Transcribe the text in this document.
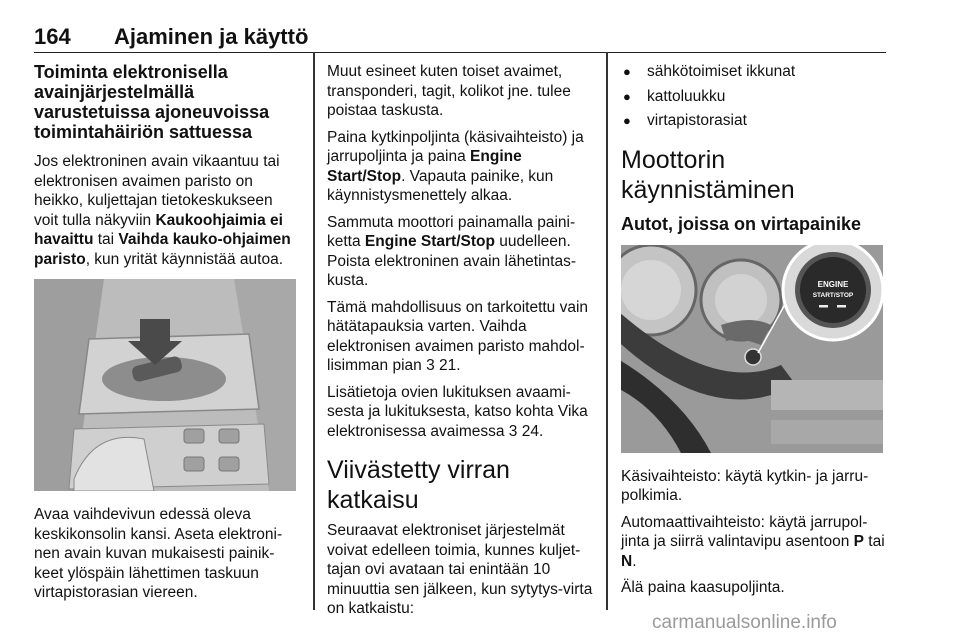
164 Ajaminen ja käyttö
Toiminta elektronisella avainjärjestelmällä varustetuissa ajoneuvoissa toimintahäiriön sattuessa

Jos elektroninen avain vikaantuu tai elektronisen avaimen paristo on heikko, kuljettajan tietokeskukseen voit tulla näkyviin Kaukoohjaimia ei havaittu tai Vaihda kauko-ohjaimen paristo, kun yrität käynnistää autoa.

Avaa vaihdevivun edessä oleva keskikonsolin kansi. Aseta elektroni-nen avain kuvan mukaisesti painik-keet ylöspäin lähettimen taskuun virtapistorasian viereen.

Muut esineet kuten toiset avaimet, transponderi, tagit, kolikot jne. tulee poistaa taskusta.

Paina kytkinpoljinta (käsivaihteisto) ja jarrupoljinta ja paina Engine Start/Stop. Vapauta painike, kun käynnistysmenettely alkaa.

Sammuta moottori painamalla paini-ketta Engine Start/Stop uudelleen. Poista elektroninen avain lähetintas-kusta.

Tämä mahdollisuus on tarkoitettu vain hätätapauksia varten. Vaihda elektronisen avaimen paristo mahdol-lisimman pian 3 21.

Lisätietoja ovien lukituksen avaami-sesta ja lukituksesta, katso kohta Vika elektronisessa avaimessa 3 24.

Viivästetty virran katkaisu

Seuraavat elektroniset järjestelmät voivat edelleen toimia, kunnes kuljet-tajan ovi avataan tai enintään 10 minuuttia sen jälkeen, kun sytytys-virta on katkaistu:

● sähkötoimiset ikkunat
● kattoluukku
● virtapistorasiat
Moottorin käynnistäminen
Autot, joissa on virtapainike
ENGINE
START/STOP

Käsivaihteisto: käytä kytkin- ja jarru-polkimia.

Automaattivaihteisto: käytä jarrupol-jinta ja siirrä valintavipu asentoon P tai N.

Älä paina kaasupoljinta.

carmanualsonline.info
